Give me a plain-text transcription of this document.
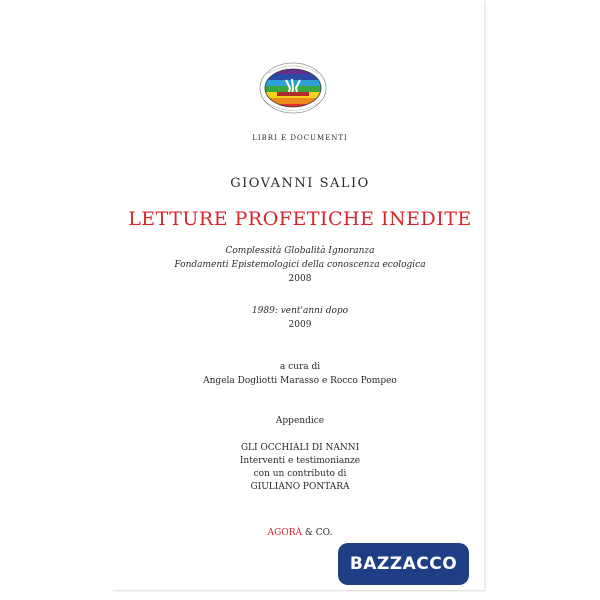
LIBRI E DOCUMENTI
GIOVANNI SALIO
LETTURE PROFETICHE INEDITE
Complessità Globalità Ignoranza
Fondamenti Epistemologici della conoscenza ecologica
2008
1989: vent'anni dopo
2009
a cura di
Angela Dogliotti Marasso e Rocco Pompeo
Appendice
GLI OCCHIALI DI NANNI
Interventi e testimonianze
con un contributo di
GIULIANO PONTARA
AGORÀ & CO.
BAZZACCO
